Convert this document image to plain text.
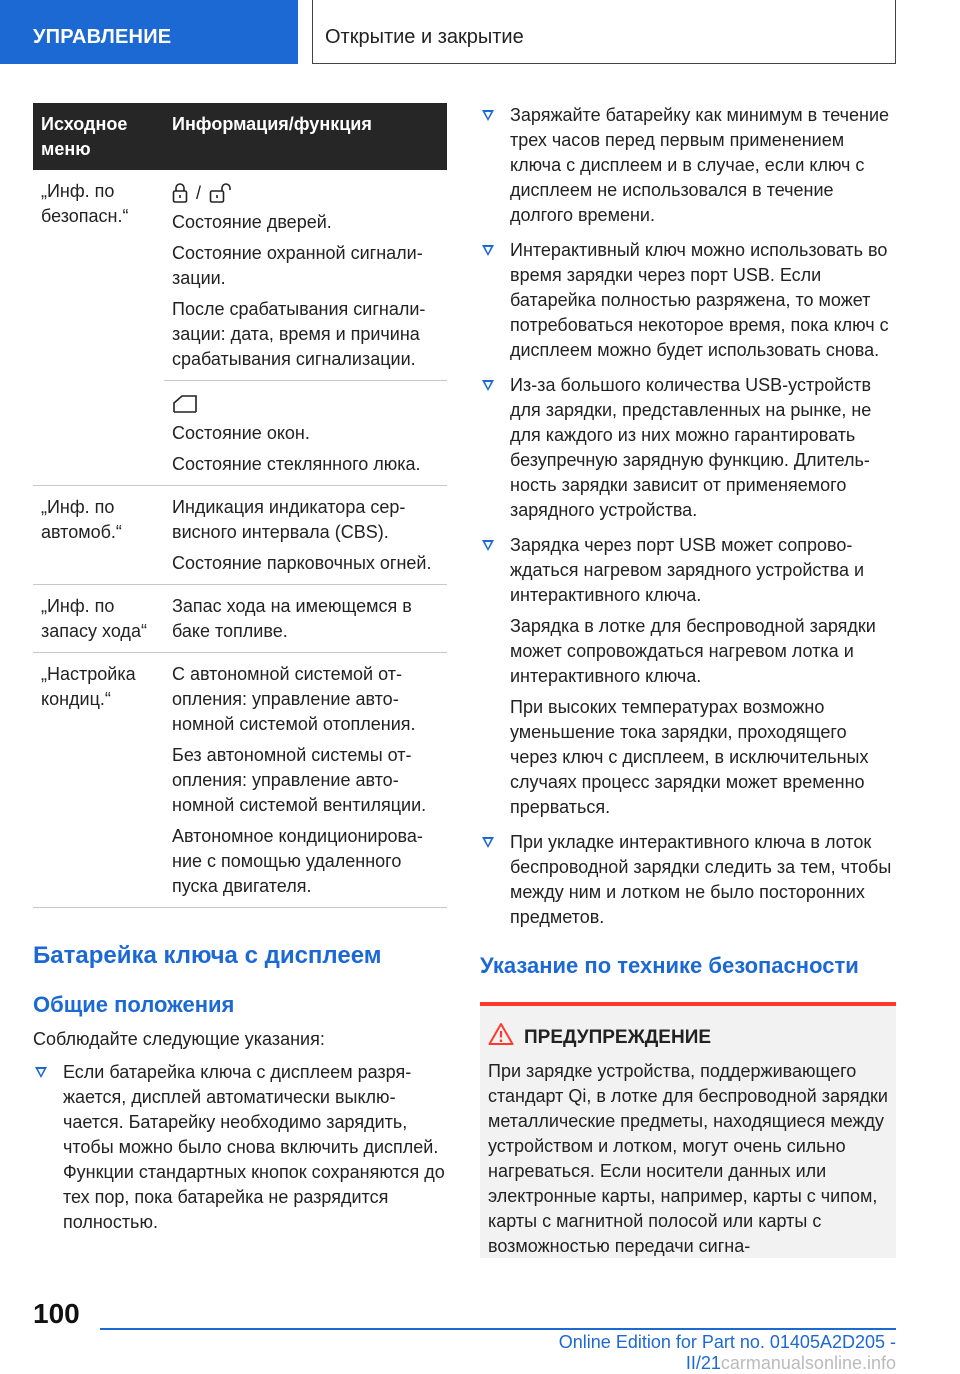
УПРАВЛЕНИЕ	Открытие и закрытие
Исходное меню	Информация/функция
„Инф. по безопасн.“	/
Состояние дверей.
Состояние охранной сигнализации.
После срабатывания сигнализации: дата, время и причина срабатывания сигнализации.

	Состояние окон.
Состояние стеклянного люка.

„Инф. по автомоб.“	Индикация индикатора сервисного интервала (CBS).
Состояние парковочных огней.

„Инф. по запасу хода“	Запас хода на имеющемся в баке топливе.

„Настройка кондиц.“	С автономной системой отопления: управление автономной системой отопления.
Без автономной системы отопления: управление автономной системой вентиляции.
Автономное кондиционирование с помощью удаленного пуска двигателя.
Батарейка ключа с дисплеем
Общие положения
Соблюдайте следующие указания:
Если батарейка ключа с дисплеем разряжается, дисплей автоматически выключается. Батарейку необходимо зарядить, чтобы можно было снова включить дисплей. Функции стандартных кнопок сохраняются до тех пор, пока батарейка не разрядится полностью.
Заряжайте батарейку как минимум в течение трех часов перед первым применением ключа с дисплеем и в случае, если ключ с дисплеем не использовался в течение долгого времени.
Интерактивный ключ можно использовать во время зарядки через порт USB. Если батарейка полностью разряжена, то может потребоваться некоторое время, пока ключ с дисплеем можно будет использовать снова.
Из-за большого количества USB-устройств для зарядки, представленных на рынке, не для каждого из них можно гарантировать безупречную зарядную функцию. Длительность зарядки зависит от применяемого зарядного устройства.
Зарядка через порт USB может сопровождаться нагревом зарядного устройства и интерактивного ключа.
Зарядка в лотке для беспроводной зарядки может сопровождаться нагревом лотка и интерактивного ключа.
При высоких температурах возможно уменьшение тока зарядки, проходящего через ключ с дисплеем, в исключительных случаях процесс зарядки может временно прерваться.
При укладке интерактивного ключа в лоток беспроводной зарядки следить за тем, чтобы между ним и лотком не было посторонних предметов.
Указание по технике безопасности
ПРЕДУПРЕЖДЕНИЕ
При зарядке устройства, поддерживающего стандарт Qi, в лотке для беспроводной зарядки металлические предметы, находящиеся между устройством и лотком, могут очень сильно нагреваться. Если носители данных или электронные карты, например, карты с чипом, карты с магнитной полосой или карты с возможностью передачи сигна-
100
Online Edition for Part no. 01405A2D205 - II/21carmanualsonline.info
